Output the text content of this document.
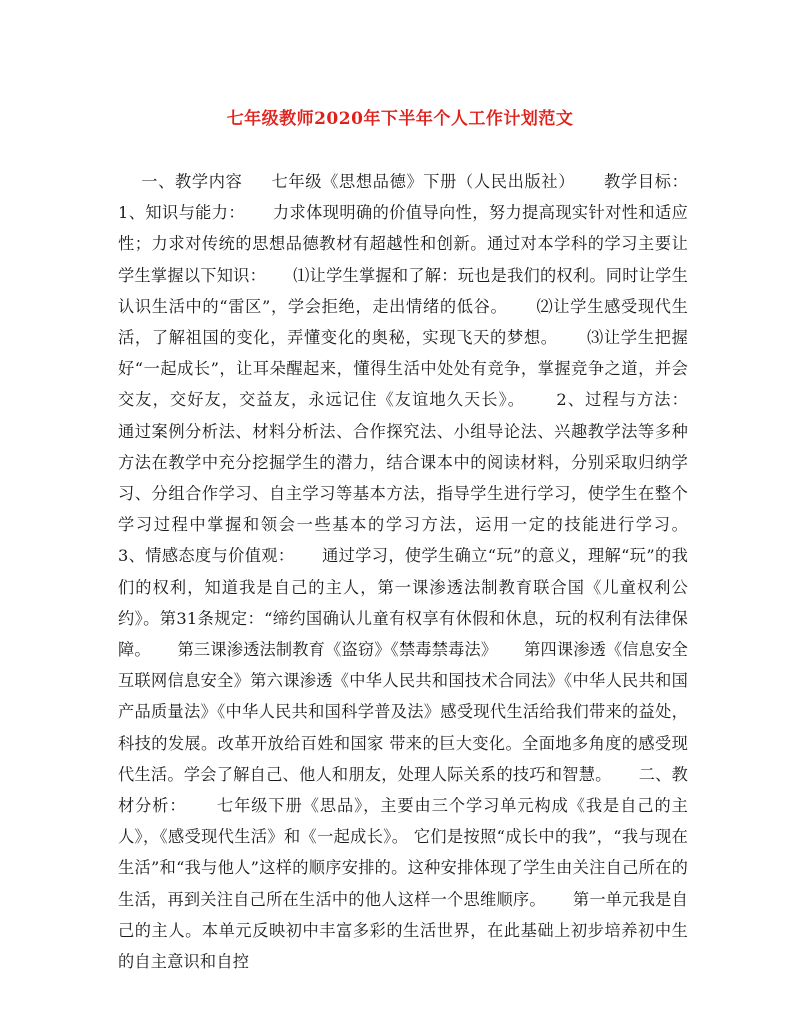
七年级教师2020年下半年个人工作计划范文
一、教学内容     七年级《思想品德》下册（人民出版社）     教学目标：1、知识与能力：     力求体现明确的价值导向性，努力提高现实针对性和适应性；力求对传统的思想品德教材有超越性和创新。通过对本学科的学习主要让学生掌握以下知识：     ⑴让学生掌握和了解：玩也是我们的权利。同时让学生认识生活中的“雷区”，学会拒绝，走出情绪的低谷。     ⑵让学生感受现代生活，了解祖国的变化，弄懂变化的奥秘，实现飞天的梦想。     ⑶让学生把握好“一起成长”，让耳朵醒起来，懂得生活中处处有竞争，掌握竞争之道，并会交友，交好友，交益友，永远记住《友谊地久天长》。     2、过程与方法：     通过案例分析法、材料分析法、合作探究法、小组导论法、兴趣教学法等多种方法在教学中充分挖掘学生的潜力，结合课本中的阅读材料，分别采取归纳学习、分组合作学习、自主学习等基本方法，指导学生进行学习，使学生在整个学习过程中掌握和领会一些基本的学习方法，运用一定的技能进行学习。     3、情感态度与价值观：     通过学习，使学生确立“玩”的意义，理解“玩”的我们的权利，知道我是自己的主人，第一课渗透法制教育联合国《儿童权利公约》。第31条规定：“缔约国确认儿童有权享有休假和休息，玩的权利有法律保障。     第三课渗透法制教育《盗窃》《禁毒禁毒法》     第四课渗透《信息安全  互联网信息安全》第六课渗透《中华人民共和国技术合同法》《中华人民共和国产品质量法》《中华人民共和国科学普及法》感受现代生活给我们带来的益处，科技的发展。改革开放给百姓和国家 带来的巨大变化。全面地多角度的感受现代生活。学会了解自己、他人和朋友，处理人际关系的技巧和智慧。     二、教材分析：     七年级下册《思品》，主要由三个学习单元构成《我是自己的主人》，《感受现代生活》和《一起成长》。 它们是按照“成长中的我”，“我与现在生活”和“我与他人”这样的顺序安排的。这种安排体现了学生由关注自己所在的生活，再到关注自己所在生活中的他人这样一个思维顺序。     第一单元我是自己的主人。本单元反映初中丰富多彩的生活世界，在此基础上初步培养初中生的自主意识和自控
